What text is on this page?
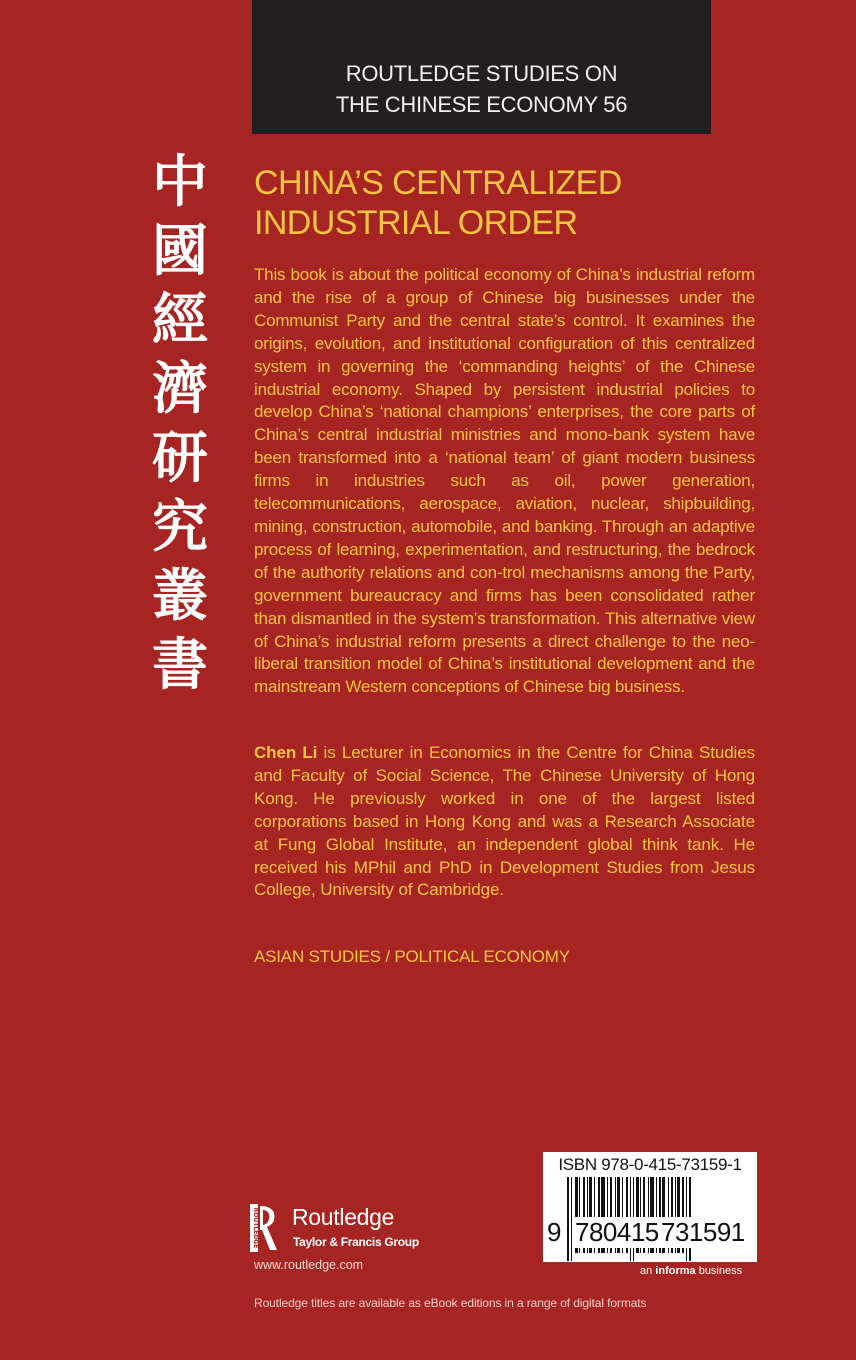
ROUTLEDGE STUDIES ON
THE CHINESE ECONOMY 56
中
國
經
濟
研
究
叢
書
CHINA’S CENTRALIZED
INDUSTRIAL ORDER

This book is about the political economy of China’s industrial reform and the rise of a group of Chinese big businesses under the Communist Party and the central state’s control. It examines the origins, evolution, and institutional configuration of this centralized system in governing the ‘commanding heights’ of the Chinese industrial economy. Shaped by persistent industrial policies to develop China’s ‘national champions’ enterprises, the core parts of China’s central industrial ministries and mono-bank system have been transformed into a ‘national team’ of giant modern business firms in industries such as oil, power generation, telecommunications, aerospace, aviation, nuclear, shipbuilding, mining, construction, automobile, and banking. Through an adaptive process of learning, experimentation, and restructuring, the bedrock of the authority relations and con-trol mechanisms among the Party, government bureaucracy and firms has been consolidated rather than dismantled in the system’s transformation. This alternative view of China’s industrial reform presents a direct challenge to the neo-liberal transition model of China’s institutional development and the mainstream Western conceptions of Chinese big business.

Chen Li is Lecturer in Economics in the Centre for China Studies and Faculty of Social Science, The Chinese University of Hong Kong. He previously worked in one of the largest listed corporations based in Hong Kong and was a Research Associate at Fung Global Institute, an independent global think tank. He received his MPhil and PhD in Development Studies from Jesus College, University of Cambridge.

ASIAN STUDIES / POLITICAL ECONOMY
ROUTLEDGE Routledge
Taylor & Francis Group
www.routledge.com
ISBN 978-0-415-73159-1
9 780415 731591
an informa business
Routledge titles are available as eBook editions in a range of digital formats
